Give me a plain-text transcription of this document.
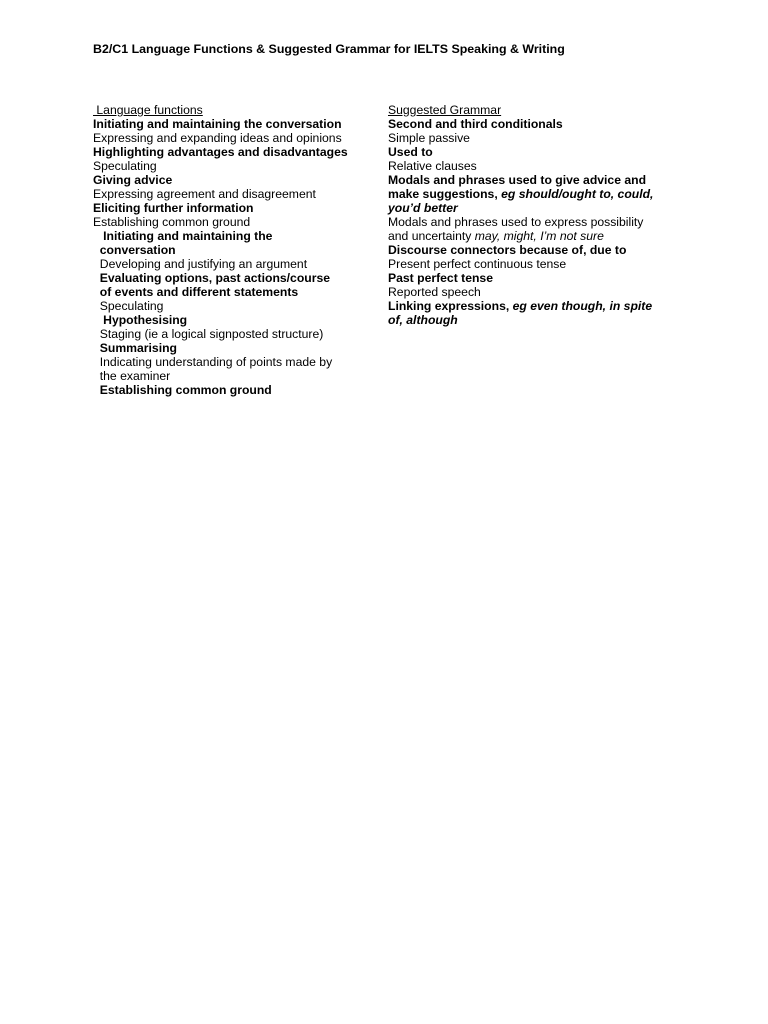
B2/C1 Language Functions & Suggested Grammar for IELTS Speaking & Writing
Language functions
Initiating and maintaining the conversation
Expressing and expanding ideas and opinions
Highlighting advantages and disadvantages
Speculating
Giving advice
Expressing agreement and disagreement
Eliciting further information
Establishing common ground
Initiating and maintaining the
conversation
Developing and justifying an argument
Evaluating options, past actions/course
of events and different statements
Speculating
Hypothesising
Staging (ie a logical signposted structure)
Summarising
Indicating understanding of points made by
the examiner
Establishing common ground
Suggested Grammar
Second and third conditionals
Simple passive
Used to
Relative clauses
Modals and phrases used to give advice and
make suggestions, eg should/ought to, could,
you’d better
Modals and phrases used to express possibility
and uncertainty may, might, I’m not sure
Discourse connectors because of, due to
Present perfect continuous tense
Past perfect tense
Reported speech
Linking expressions, eg even though, in spite
of, although
